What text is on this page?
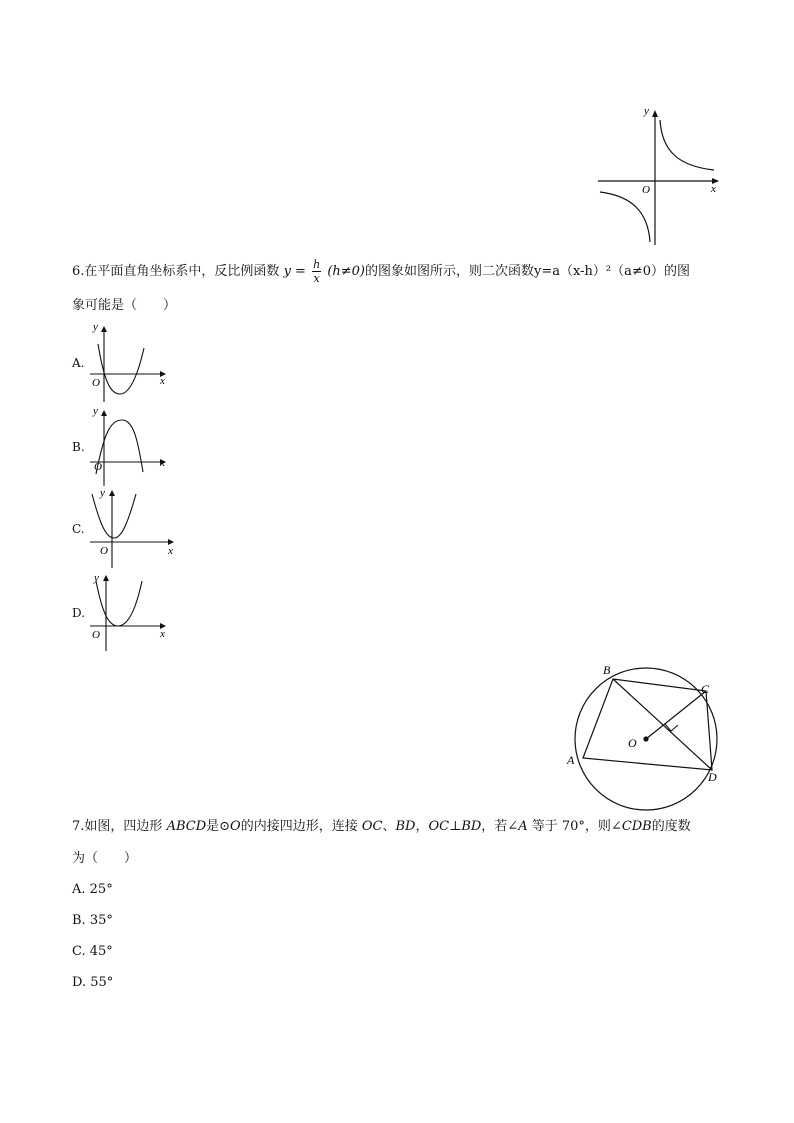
y
x
O
6.在平面直角坐标系中，反比例函数 $y = \frac{h}{x} (h\ne 0)$的图象如图所示，则二次函数y=a（x-h）²（a≠0）的图
象可能是（　　）
A.
y
x
O
B.
y
x
O
C.
y
x
O
D.
y
x
O
B
C
O
A
D
7.如图，四边形 ABCD是⊙O的内接四边形，连接 OC、BD，OC⊥BD，若∠A 等于 70°，则∠CDB的度数
为（　　）
A. 25°
B. 35°
C. 45°
D. 55°
